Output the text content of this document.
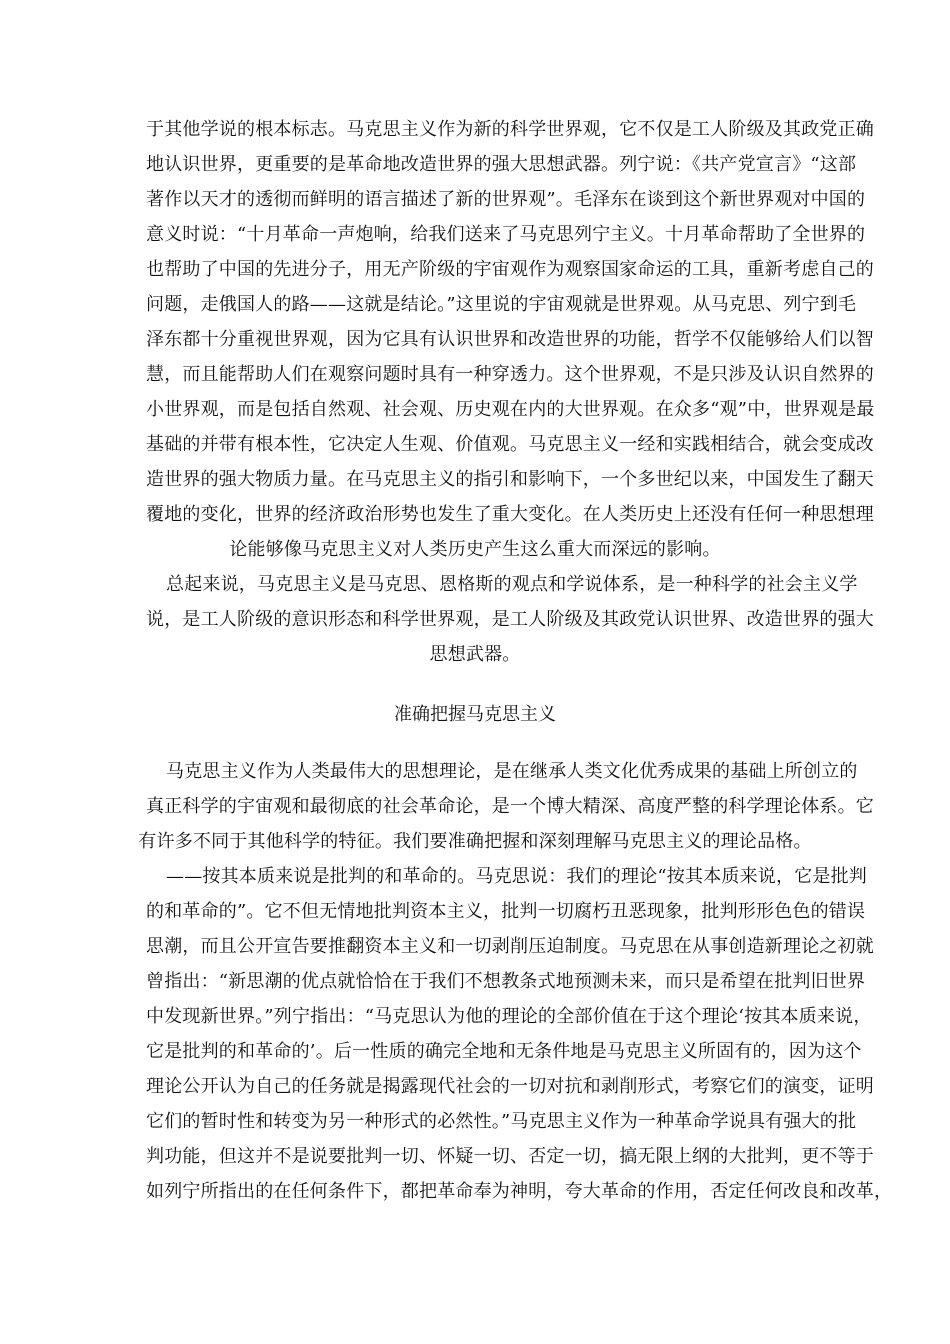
于其他学说的根本标志。马克思主义作为新的科学世界观，它不仅是工人阶级及其政党正确
地认识世界，更重要的是革命地改造世界的强大思想武器。列宁说：《共产党宣言》“这部
著作以天才的透彻而鲜明的语言描述了新的世界观”。毛泽东在谈到这个新世界观对中国的
意义时说：“十月革命一声炮响，给我们送来了马克思列宁主义。十月革命帮助了全世界的
也帮助了中国的先进分子，用无产阶级的宇宙观作为观察国家命运的工具，重新考虑自己的
问题，走俄国人的路——这就是结论。”这里说的宇宙观就是世界观。从马克思、列宁到毛
泽东都十分重视世界观，因为它具有认识世界和改造世界的功能，哲学不仅能够给人们以智
慧，而且能帮助人们在观察问题时具有一种穿透力。这个世界观，不是只涉及认识自然界的
小世界观，而是包括自然观、社会观、历史观在内的大世界观。在众多“观”中，世界观是最
基础的并带有根本性，它决定人生观、价值观。马克思主义一经和实践相结合，就会变成改
造世界的强大物质力量。在马克思主义的指引和影响下，一个多世纪以来，中国发生了翻天
覆地的变化，世界的经济政治形势也发生了重大变化。在人类历史上还没有任何一种思想理
论能够像马克思主义对人类历史产生这么重大而深远的影响。
总起来说，马克思主义是马克思、恩格斯的观点和学说体系，是一种科学的社会主义学
说，是工人阶级的意识形态和科学世界观，是工人阶级及其政党认识世界、改造世界的强大
思想武器。
准确把握马克思主义
马克思主义作为人类最伟大的思想理论，是在继承人类文化优秀成果的基础上所创立的
真正科学的宇宙观和最彻底的社会革命论，是一个博大精深、高度严整的科学理论体系。它
有许多不同于其他科学的特征。我们要准确把握和深刻理解马克思主义的理论品格。
——按其本质来说是批判的和革命的。马克思说：我们的理论“按其本质来说，它是批判
的和革命的”。它不但无情地批判资本主义，批判一切腐朽丑恶现象，批判形形色色的错误
思潮，而且公开宣告要推翻资本主义和一切剥削压迫制度。马克思在从事创造新理论之初就
曾指出：“新思潮的优点就恰恰在于我们不想教条式地预测未来，而只是希望在批判旧世界
中发现新世界。”列宁指出：“马克思认为他的理论的全部价值在于这个理论‘按其本质来说，
它是批判的和革命的’。后一性质的确完全地和无条件地是马克思主义所固有的，因为这个
理论公开认为自己的任务就是揭露现代社会的一切对抗和剥削形式，考察它们的演变，证明
它们的暂时性和转变为另一种形式的必然性。”马克思主义作为一种革命学说具有强大的批
判功能，但这并不是说要批判一切、怀疑一切、否定一切，搞无限上纲的大批判，更不等于
如列宁所指出的在任何条件下，都把革命奉为神明，夸大革命的作用，否定任何改良和改革，
